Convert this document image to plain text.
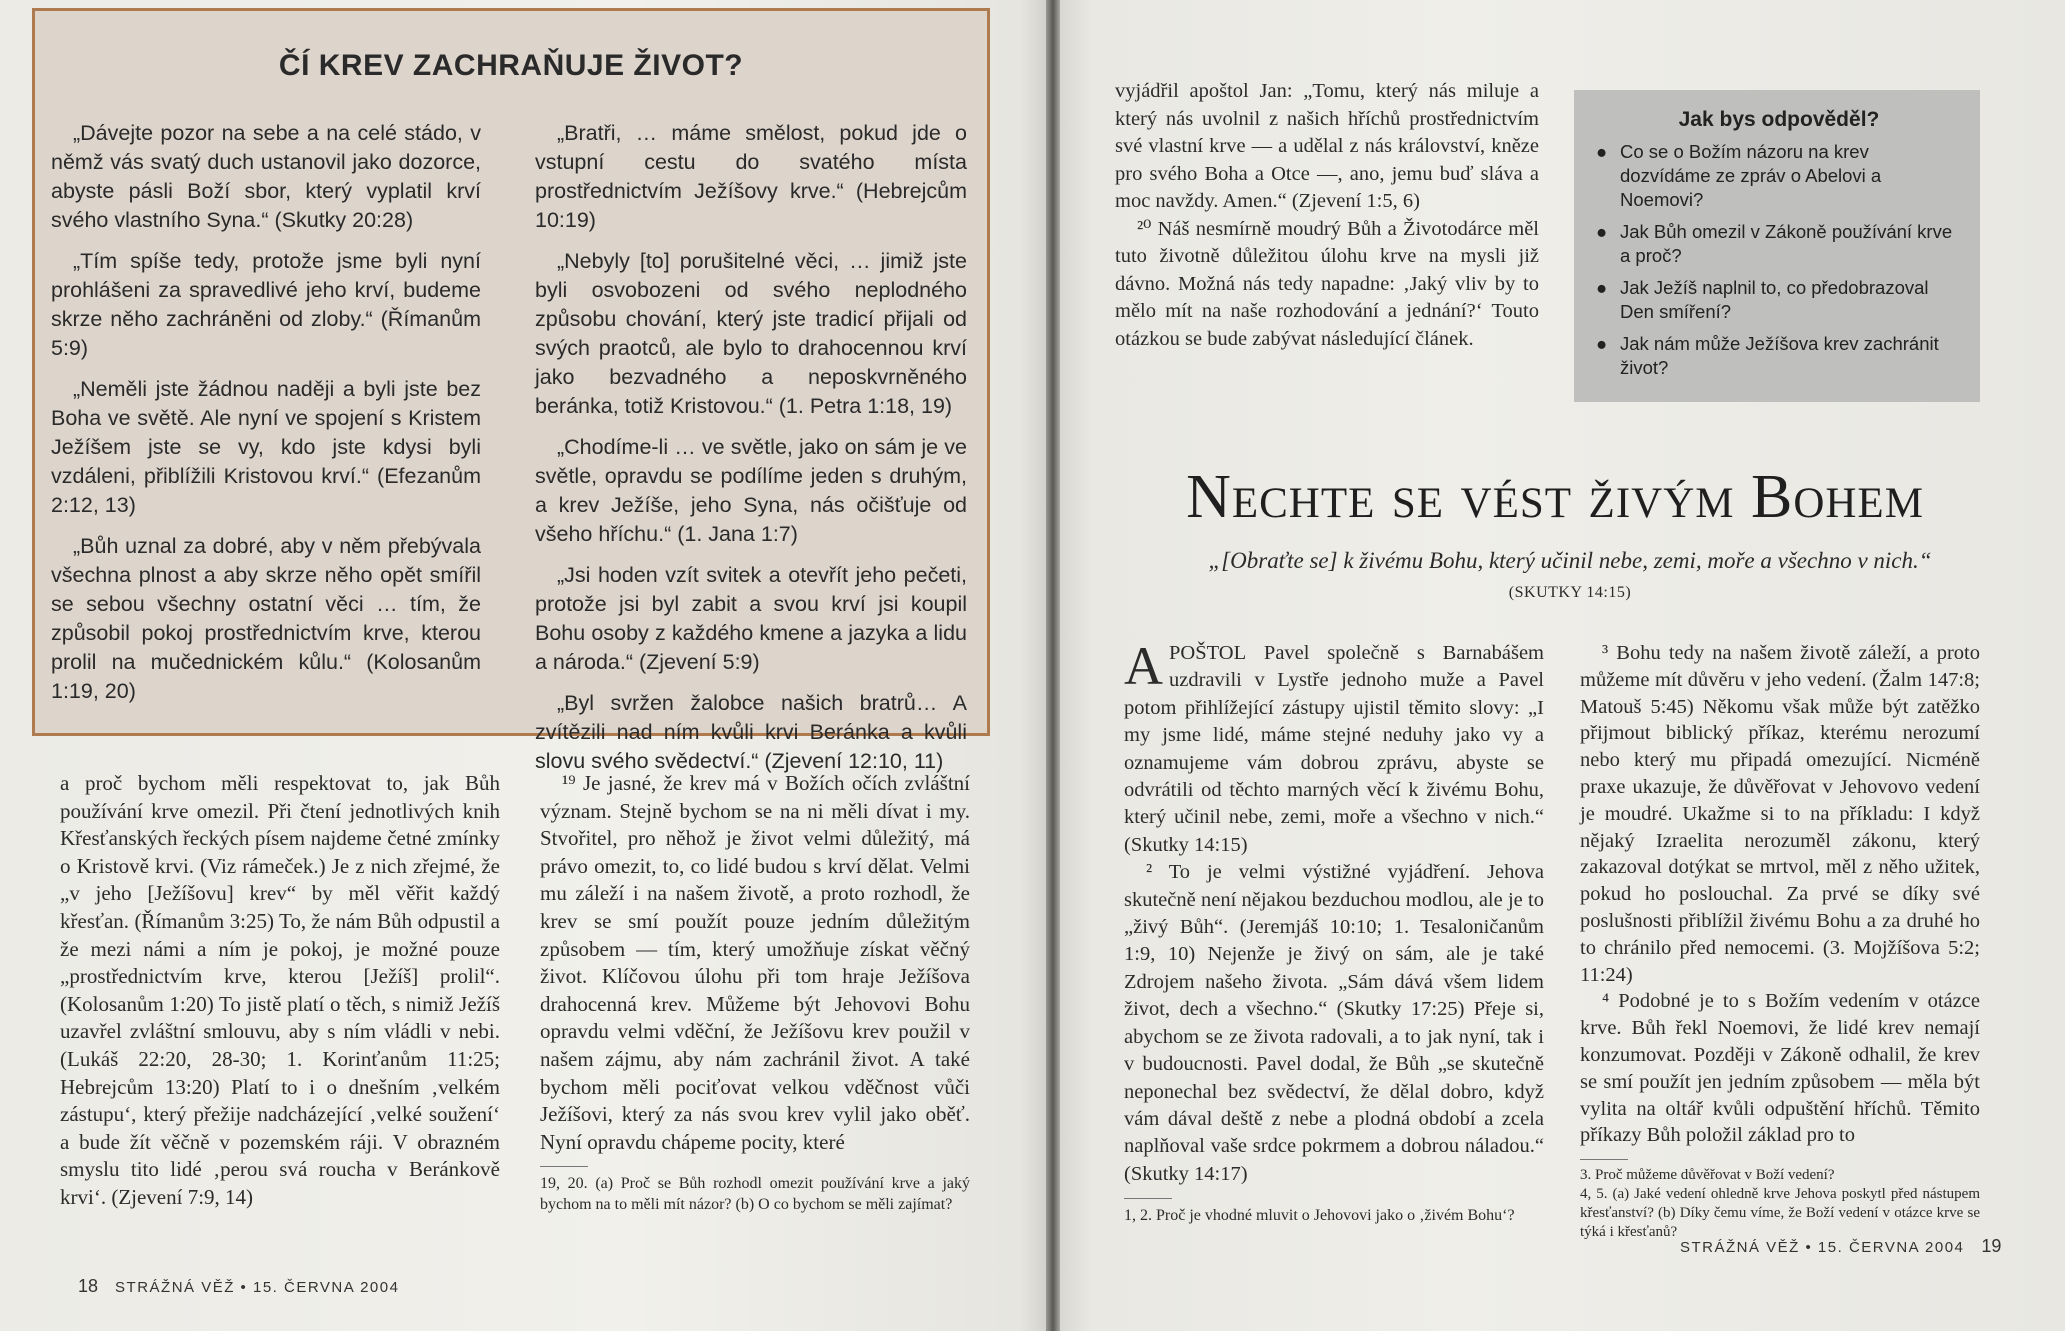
ČÍ KREV ZACHRAŇUJE ŽIVOT?

„Dávejte pozor na sebe a na celé stádo, v němž vás svatý duch ustanovil jako dozorce, abyste pásli Boží sbor, který vyplatil krví svého vlastního Syna.“ (Skutky 20:28)

„Tím spíše tedy, protože jsme byli nyní prohlášeni za spravedlivé jeho krví, budeme skrze něho zachráněni od zloby.“ (Římanům 5:9)

„Neměli jste žádnou naději a byli jste bez Boha ve světě. Ale nyní ve spojení s Kristem Ježíšem jste se vy, kdo jste kdysi byli vzdáleni, přiblížili Kristovou krví.“ (Efezanům 2:12, 13)

„Bůh uznal za dobré, aby v něm přebývala všechna plnost a aby skrze něho opět smířil se sebou všechny ostatní věci … tím, že způsobil pokoj prostřednictvím krve, kterou prolil na mučednickém kůlu.“ (Kolosanům 1:19, 20)

„Bratři, … máme smělost, pokud jde o vstupní cestu do svatého místa prostřednictvím Ježíšovy krve.“ (Hebrejcům 10:19)

„Nebyly [to] porušitelné věci, … jimiž jste byli osvobozeni od svého neplodného způsobu chování, který jste tradicí přijali od svých praotců, ale bylo to drahocennou krví jako bezvadného a neposkvrněného beránka, totiž Kristovou.“ (1. Petra 1:18, 19)

„Chodíme-li … ve světle, jako on sám je ve světle, opravdu se podílíme jeden s druhým, a krev Ježíše, jeho Syna, nás očišťuje od všeho hříchu.“ (1. Jana 1:7)

„Jsi hoden vzít svitek a otevřít jeho pečeti, protože jsi byl zabit a svou krví jsi koupil Bohu osoby z každého kmene a jazyka a lidu a národa.“ (Zjevení 5:9)

„Byl svržen žalobce našich bratrů… A zvítězili nad ním kvůli krvi Beránka a kvůli slovu svého svědectví.“ (Zjevení 12:10, 11)

a proč bychom měli respektovat to, jak Bůh používání krve omezil. Při čtení jednotlivých knih Křesťanských řeckých písem najdeme četné zmínky o Kristově krvi. (Viz rámeček.) Je z nich zřejmé, že „v jeho [Ježíšovu] krev“ by měl věřit každý křesťan. (Římanům 3:25) To, že nám Bůh odpustil a že mezi námi a ním je pokoj, je možné pouze „prostřednictvím krve, kterou [Ježíš] prolil“. (Kolosanům 1:20) To jistě platí o těch, s nimiž Ježíš uzavřel zvláštní smlouvu, aby s ním vládli v nebi. (Lukáš 22:20, 28-30; 1. Korinťanům 11:25; Hebrejcům 13:20) Platí to i o dnešním ‚velkém zástupu‘, který přežije nadcházející ‚velké soužení‘ a bude žít věčně v pozemském ráji. V obrazném smyslu tito lidé ‚perou svá roucha v Beránkově krvi‘. (Zjevení 7:9, 14)

¹⁹ Je jasné, že krev má v Božích očích zvláštní význam. Stejně bychom se na ni měli dívat i my. Stvořitel, pro něhož je život velmi důležitý, má právo omezit, to, co lidé budou s krví dělat. Velmi mu záleží i na našem životě, a proto rozhodl, že krev se smí použít pouze jedním důležitým způsobem — tím, který umožňuje získat věčný život. Klíčovou úlohu při tom hraje Ježíšova drahocenná krev. Můžeme být Jehovovi Bohu opravdu velmi vděční, že Ježíšovu krev použil v našem zájmu, aby nám zachránil život. A také bychom měli pociťovat velkou vděčnost vůči Ježíšovi, který za nás svou krev vylil jako oběť. Nyní opravdu chápeme pocity, které

19, 20. (a) Proč se Bůh rozhodl omezit používání krve a jaký bychom na to měli mít názor? (b) O co bychom se měli zajímat?
18 STRÁŽNÁ VĚŽ • 15. ČERVNA 2004

vyjádřil apoštol Jan: „Tomu, který nás miluje a který nás uvolnil z našich hříchů prostřednictvím své vlastní krve — a udělal z nás království, kněze pro svého Boha a Otce —, ano, jemu buď sláva a moc navždy. Amen.“ (Zjevení 1:5, 6)

²⁰ Náš nesmírně moudrý Bůh a Životodárce měl tuto životně důležitou úlohu krve na mysli již dávno. Možná nás tedy napadne: ‚Jaký vliv by to mělo mít na naše rozhodování a jednání?‘ Touto otázkou se bude zabývat následující článek.

Jak bys odpověděl?
● Co se o Božím názoru na krev dozvídáme ze zpráv o Abelovi a Noemovi?
● Jak Bůh omezil v Zákoně používání krve a proč?
● Jak Ježíš naplnil to, co předobrazoval Den smíření?
● Jak nám může Ježíšova krev zachránit život?
Nechte se vést živým Bohem
„[Obraťte se] k živému Bohu, který učinil nebe, zemi, moře a všechno v nich.“ (SKUTKY 14:15)

APOŠTOL Pavel společně s Barnabášem uzdravili v Lystře jednoho muže a Pavel potom přihlížející zástupy ujistil těmito slovy: „I my jsme lidé, máme stejné neduhy jako vy a oznamujeme vám dobrou zprávu, abyste se odvrátili od těchto marných věcí k živému Bohu, který učinil nebe, zemi, moře a všechno v nich.“ (Skutky 14:15)

² To je velmi výstižné vyjádření. Jehova skutečně není nějakou bezduchou modlou, ale je to „živý Bůh“. (Jeremjáš 10:10; 1. Tesaloničanům 1:9, 10) Nejenže je živý on sám, ale je také Zdrojem našeho života. „Sám dává všem lidem život, dech a všechno.“ (Skutky 17:25) Přeje si, abychom se ze života radovali, a to jak nyní, tak i v budoucnosti. Pavel dodal, že Bůh „se skutečně neponechal bez svědectví, že dělal dobro, když vám dával deště z nebe a plodná období a zcela naplňoval vaše srdce pokrmem a dobrou náladou.“ (Skutky 14:17)

1, 2. Proč je vhodné mluvit o Jehovovi jako o ‚živém Bohu‘?

³ Bohu tedy na našem životě záleží, a proto můžeme mít důvěru v jeho vedení. (Žalm 147:8; Matouš 5:45) Někomu však může být zatěžko přijmout biblický příkaz, kterému nerozumí nebo který mu připadá omezující. Nicméně praxe ukazuje, že důvěřovat v Jehovovo vedení je moudré. Ukažme si to na příkladu: I když nějaký Izraelita nerozuměl zákonu, který zakazoval dotýkat se mrtvol, měl z něho užitek, pokud ho poslouchal. Za prvé se díky své poslušnosti přiblížil živému Bohu a za druhé ho to chránilo před nemocemi. (3. Mojžíšova 5:2; 11:24)

⁴ Podobné je to s Božím vedením v otázce krve. Bůh řekl Noemovi, že lidé krev nemají konzumovat. Později v Zákoně odhalil, že krev se smí použít jen jedním způsobem — měla být vylita na oltář kvůli odpuštění hříchů. Těmito příkazy Bůh položil základ pro to

3. Proč můžeme důvěřovat v Boží vedení?
4, 5. (a) Jaké vedení ohledně krve Jehova poskytl před nástupem křesťanství? (b) Díky čemu víme, že Boží vedení v otázce krve se týká i křesťanů?
STRÁŽNÁ VĚŽ • 15. ČERVNA 2004 19
